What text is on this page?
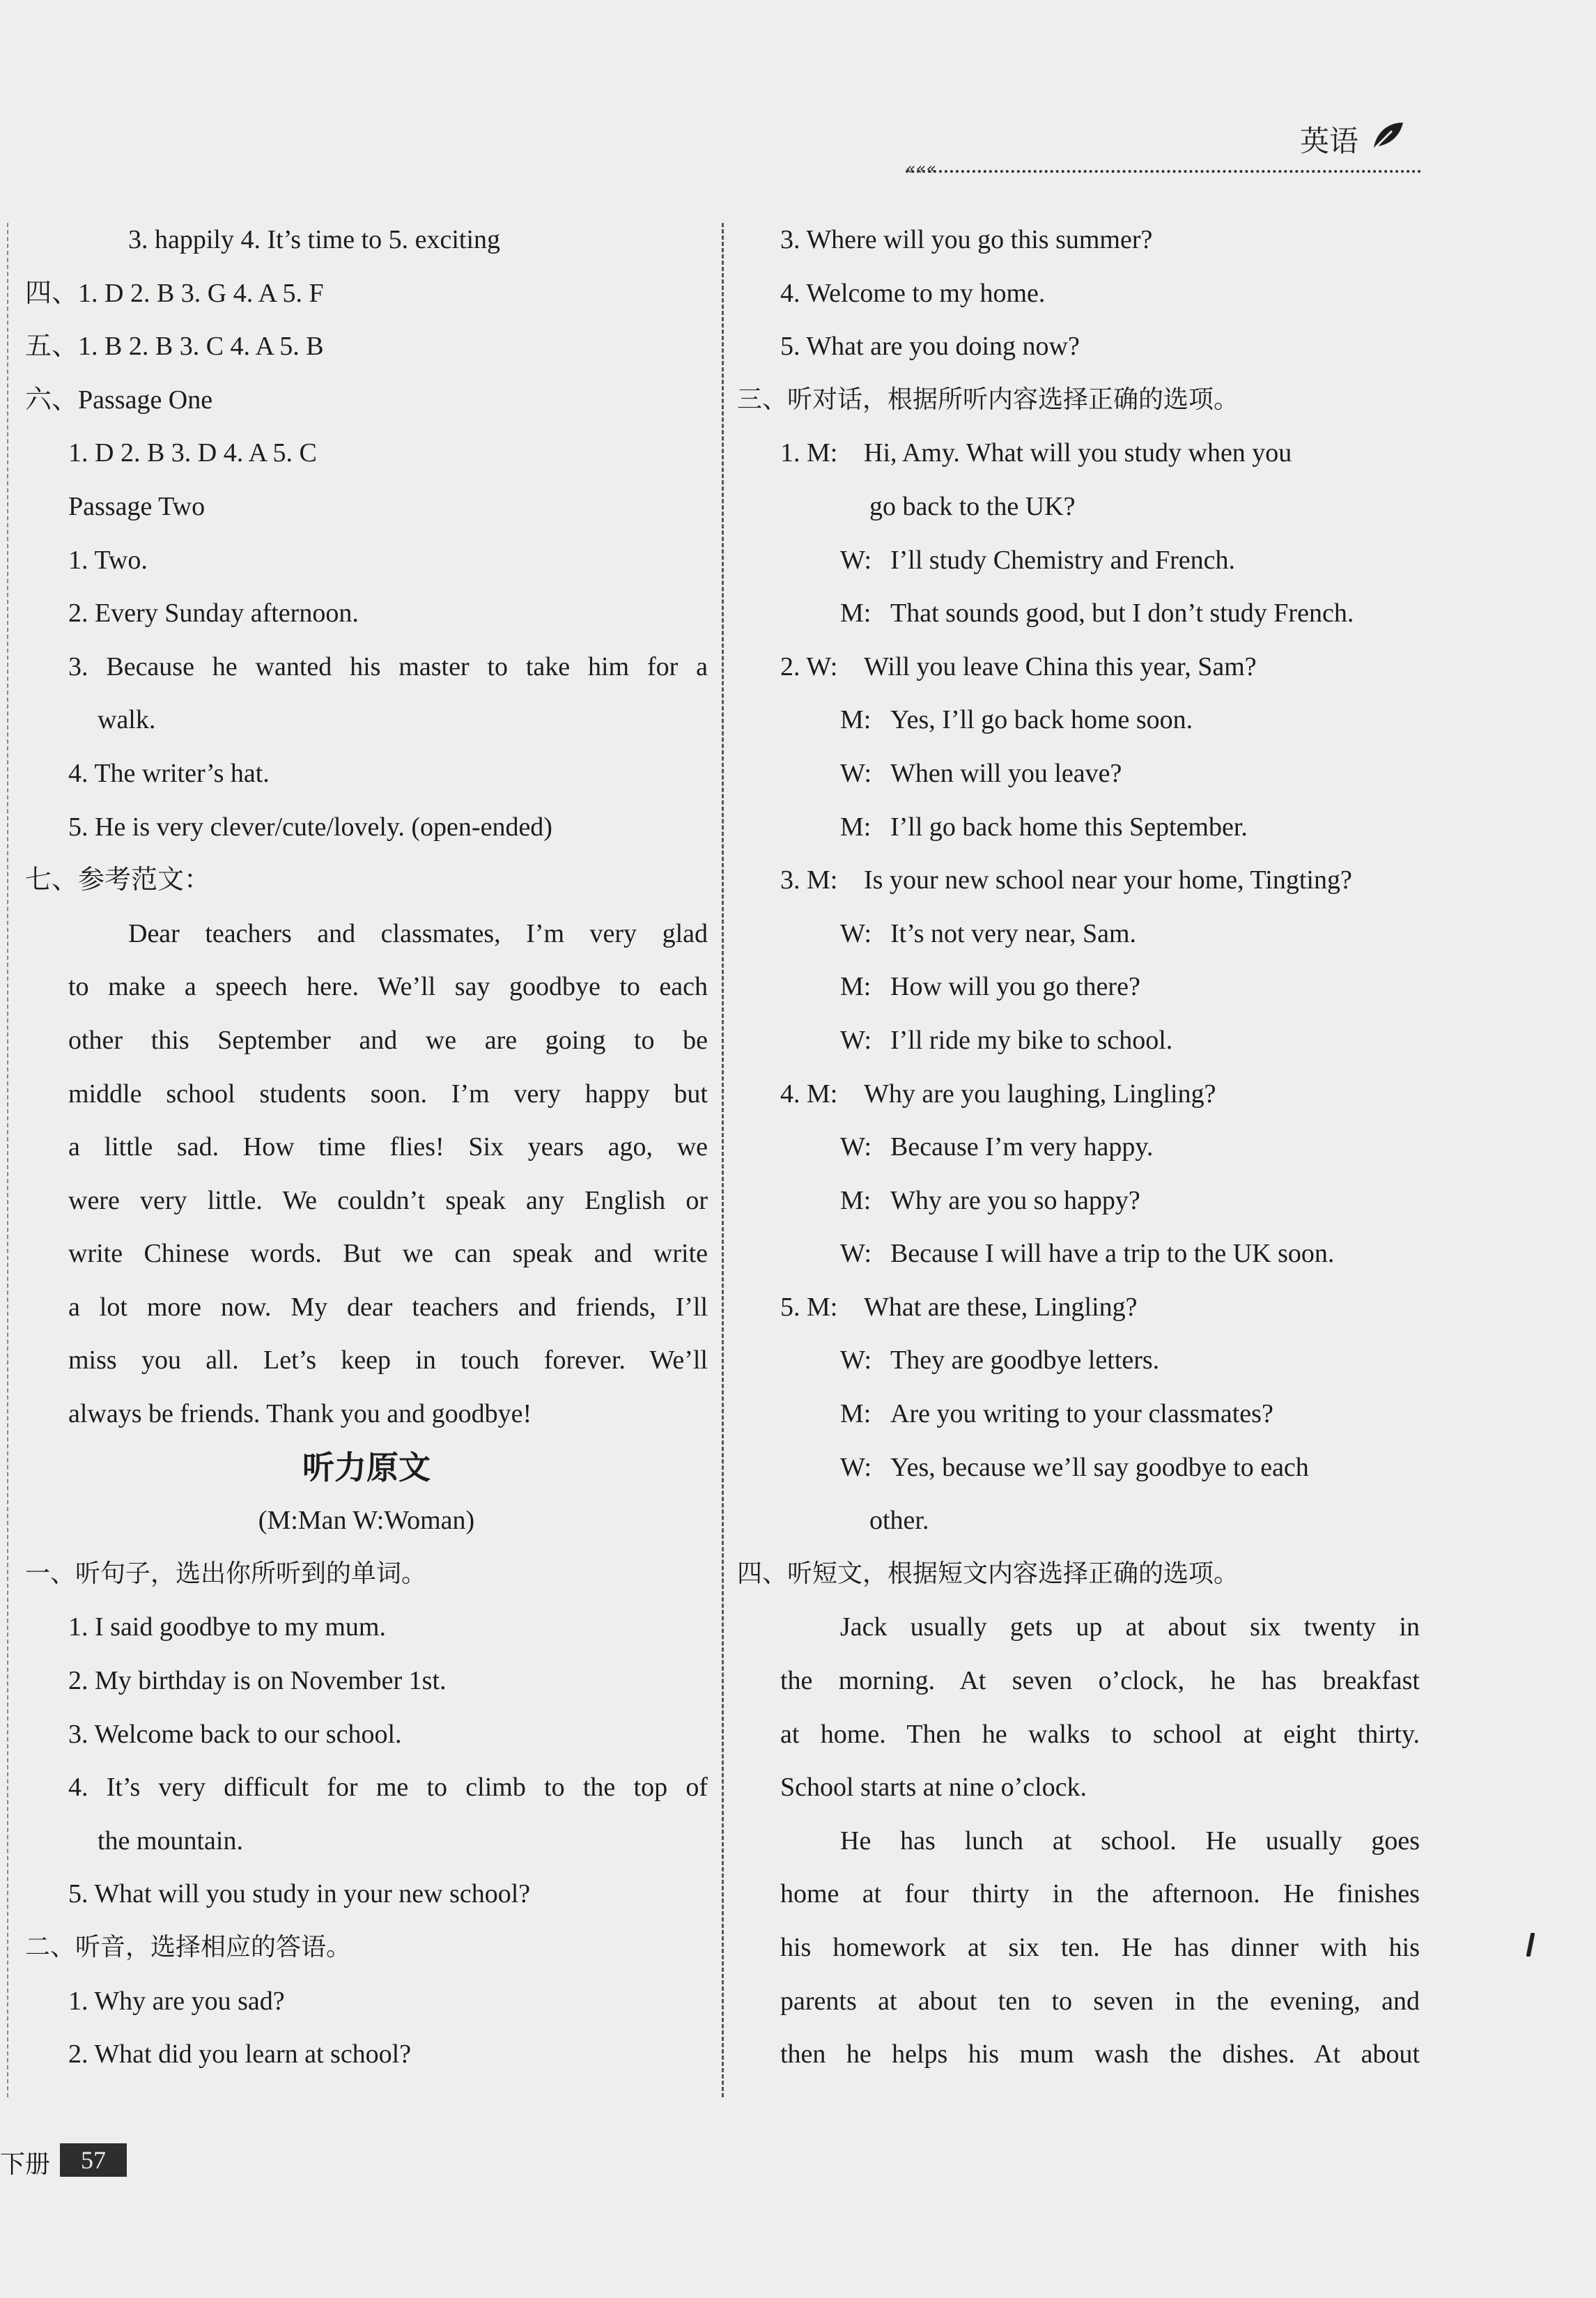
英语
«««
3. happily 4. It’s time to 5. exciting
四、1. D 2. B 3. G 4. A 5. F
五、1. B 2. B 3. C 4. A 5. B
六、Passage One
1. D 2. B 3. D 4. A 5. C
Passage Two
1. Two.
2. Every Sunday afternoon.
3. Because he wanted his master to take him for a
walk.
4. The writer’s hat.
5. He is very clever/cute/lovely. (open-ended)
七、参考范文：
Dear teachers and classmates, I’m very glad
to make a speech here. We’ll say goodbye to each
other this September and we are going to be
middle school students soon. I’m very happy but
a little sad. How time flies! Six years ago, we
were very little. We couldn’t speak any English or
write Chinese words. But we can speak and write
a lot more now. My dear teachers and friends, I’ll
miss you all. Let’s keep in touch forever. We’ll
always be friends. Thank you and goodbye!
听力原文
(M:Man W:Woman)
一、听句子，选出你所听到的单词。
1. I said goodbye to my mum.
2. My birthday is on November 1st.
3. Welcome back to our school.
4. It’s very difficult for me to climb to the top of
the mountain.
5. What will you study in your new school?
二、听音，选择相应的答语。
1. Why are you sad?
2. What did you learn at school?
3. Where will you go this summer?
4. Welcome to my home.
5. What are you doing now?
三、听对话，根据所听内容选择正确的选项。
1. M: Hi, Amy. What will you study when you
go back to the UK?
W: I’ll study Chemistry and French.
M: That sounds good, but I don’t study French.
2. W: Will you leave China this year, Sam?
M: Yes, I’ll go back home soon.
W: When will you leave?
M: I’ll go back home this September.
3. M: Is your new school near your home, Tingting?
W: It’s not very near, Sam.
M: How will you go there?
W: I’ll ride my bike to school.
4. M: Why are you laughing, Lingling?
W: Because I’m very happy.
M: Why are you so happy?
W: Because I will have a trip to the UK soon.
5. M: What are these, Lingling?
W: They are goodbye letters.
M: Are you writing to your classmates?
W: Yes, because we’ll say goodbye to each
other.
四、听短文，根据短文内容选择正确的选项。
Jack usually gets up at about six twenty in
the morning. At seven o’clock, he has breakfast
at home. Then he walks to school at eight thirty.
School starts at nine o’clock.
He has lunch at school. He usually goes
home at four thirty in the afternoon. He finishes
his homework at six ten. He has dinner with his
parents at about ten to seven in the evening, and
then he helps his mum wash the dishes. At about
下册	57
